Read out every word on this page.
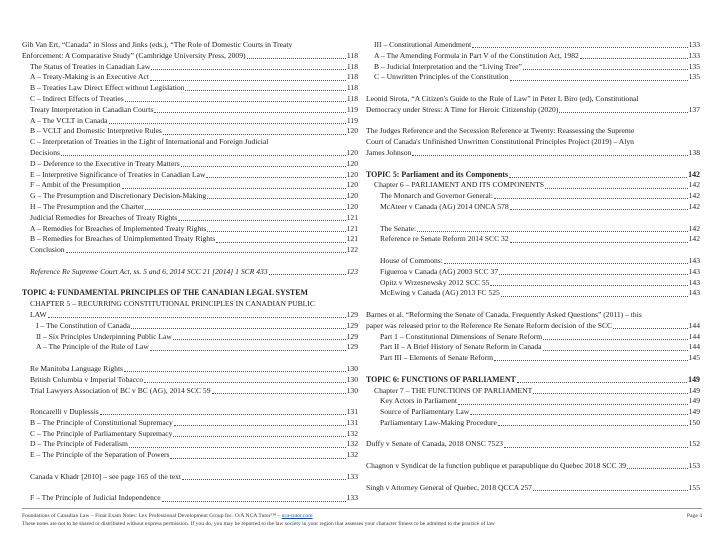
Gib Van Ert, “Canada” in Sloss and Jinks (eds.), “The Role of Domestic Courts in Treaty
Enforcement: A Comparative Study” (Cambridge University Press, 2009)	118
The Status of Treaties in Canadian Law	118
A – Treaty-Making is an Executive Act	118
B – Treaties Law Direct Effect without Legislation	118
C – Indirect Effects of Treaties	118
Treaty Interpretation in Canadian Courts	119
A – The VCLT in Canada	119
B – VCLT and Domestic Interpretive Rules	120
C – Interpretation of Treaties in the Light of International and Foreign Judicial
Decisions	120
D – Deference to the Executive in Treaty Matters	120
E – Interpretive Significance of Treaties in Canadian Law	120
F – Ambit of the Presumption	120
G – The Presumption and Discretionary Decision-Making	120
H – The Presumption and the Charter	120
Judicial Remedies for Breaches of Treaty Rights	121
A – Remedies for Breaches of Implemented Treaty Rights	121
B – Remedies for Breaches of Unimplemented Treaty Rights	121
Conclusion	122
Reference Re Supreme Court Act, ss. 5 and 6, 2014 SCC 21 [2014] 1 SCR 433	123
TOPIC 4: FUNDAMENTAL PRINCIPLES OF THE CANADIAN LEGAL SYSTEM
CHAPTER 5 – RECURRING CONSTITUTIONAL PRINCIPLES IN CANADIAN PUBLIC
LAW	129
I – The Constitution of Canada	129
II – Six Principles Underpinning Public Law	129
A – The Principle of the Rule of Law	129
Re Manitoba Language Rights	130
British Columbia v Imperial Tobacco	130
Trial Lawyers Association of BC v BC (AG), 2014 SCC 59	130
Roncarelli v Duplessis	131
B – The Principle of Constitutional Supremacy	131
C – The Principle of Parliamentary Supremacy	132
D – The Principle of Federalism	132
E – The Principle of the Separation of Powers	132
Canada v Khadr [2010] – see page 165 of the text	133
F – The Principle of Judicial Independence	133
III – Constitutional Amendment	133
A – The Amending Formula in Part V of the Constitution Act, 1982	133
B – Judicial Interpretation and the “Living Tree”	135
C – Unwritten Principles of the Constitution	135
Leonid Sirota, “A Citizen's Guide to the Rule of Law” in Peter L Biro (ed), Constitutional
Democracy under Stress: A Time for Heroic Citizenship (2020)	137
The Judges Reference and the Secession Reference at Twenty: Reassessing the Supreme
Court of Canada's Unfinished Unwritten Constitutional Principles Project (2019) – Alyn
James Johnson	138
TOPIC 5: Parliament and its Components	142
Chapter 6 – PARLIAMENT AND ITS COMPONENTS	142
The Monarch and Governor General:	142
McAteer v Canada (AG) 2014 ONCA 578	142
The Senate:	142
Reference re Senate Reform 2014 SCC 32	142
House of Commons:	143
Figueroa v Canada (AG) 2003 SCC 37	143
Opitz v Wrzesnewsky 2012 SCC 55	143
McEwing v Canada (AG) 2013 FC 525	143
Barnes et al. “Reforming the Senate of Canada. Frequently Asked Questions” (2011) – this
paper was released prior to the Reference Re Senate Reform decision of the SCC	144
Part 1 – Constitutional Dimensions of Senate Reform	144
Part II – A Brief History of Senate Reform in Canada	144
Part III – Elements of Senate Reform	145
TOPIC 6: FUNCTIONS OF PARLIAMENT	149
Chapter 7 – THE FUNCTIONS OF PARLIAMENT	149
Key Actors in Parliament	149
Source of Parliamentary Law	149
Parliamentary Law-Making Procedure	150
Duffy v Senate of Canada, 2018 ONSC 7523	152
Chagnon v Syndicat de la function publique et parapublique du Quebec 2018 SCC 39	153
Singh v Attorney General of Quebec, 2018 QCCA 257	155
Foundations of Canadian Law – Final Exam Notes: Lex Professional Development Group Inc. O/A NCA Tutor™ – nca-tutor.com	Page 4
These notes are not to be shared or distributed without express permission. If you do, you may be reported to the law society in your region that assesses your character fitness to be admitted to the practice of law
